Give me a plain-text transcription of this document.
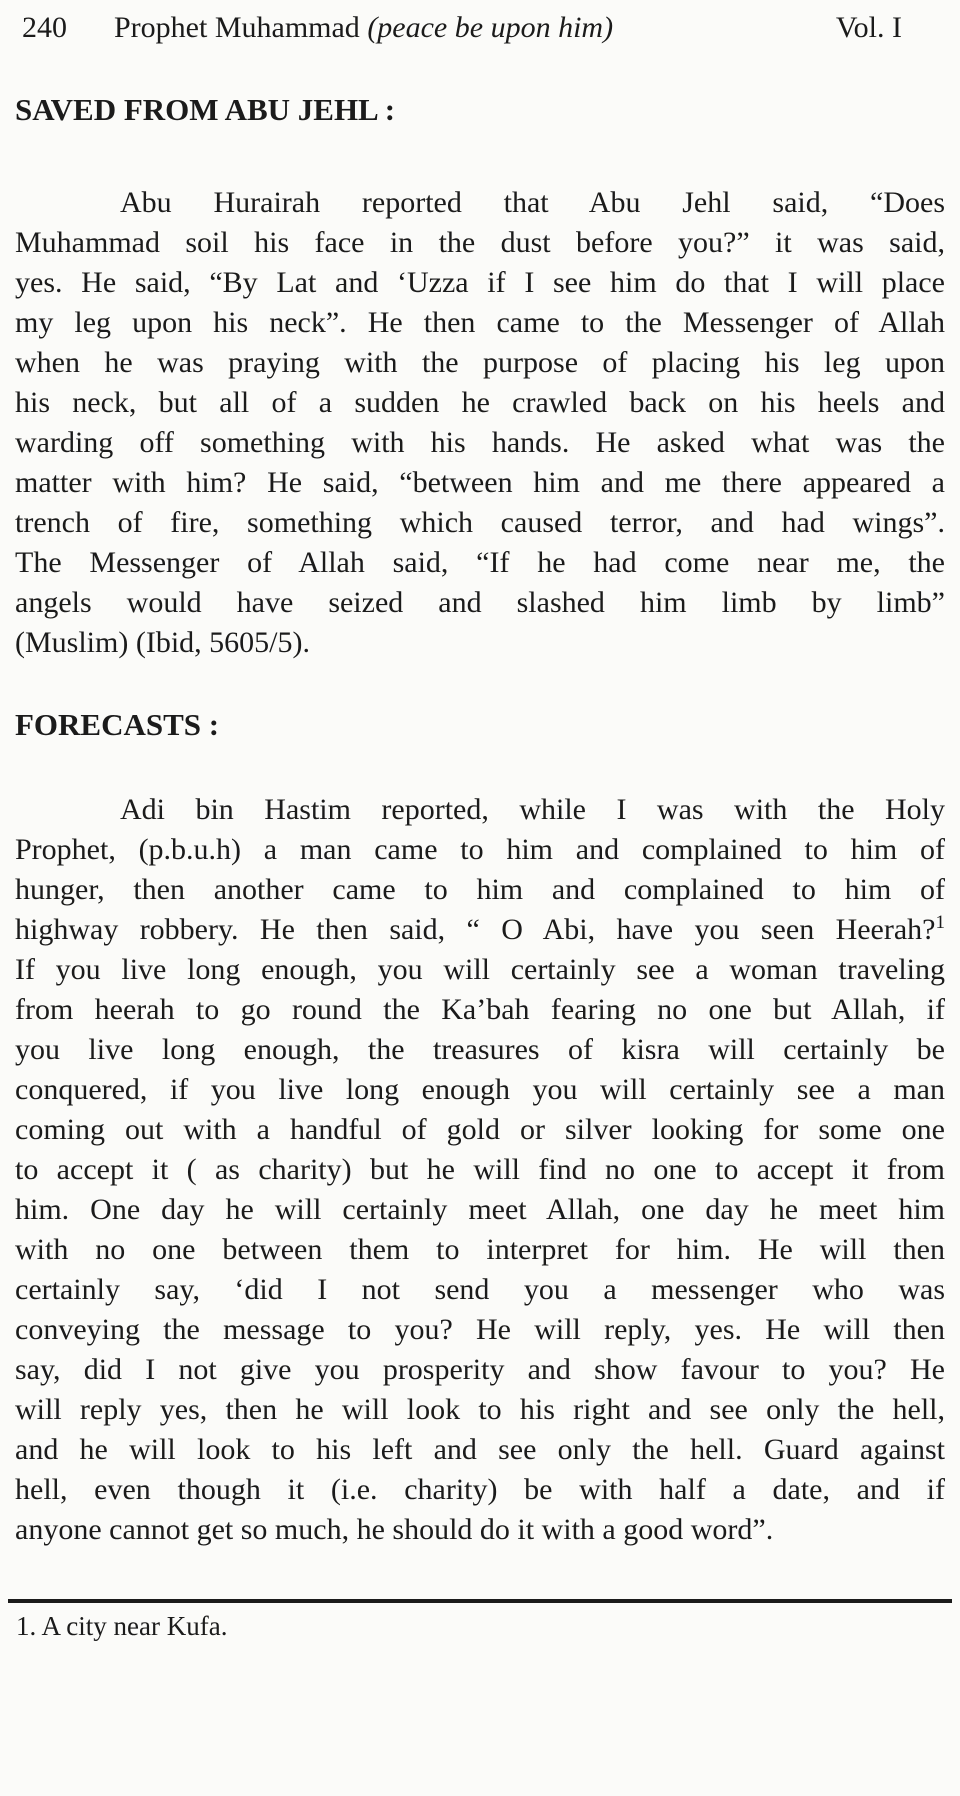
240	Prophet Muhammad (peace be upon him)	Vol. I
SAVED FROM ABU JEHL :
Abu Hurairah reported that Abu Jehl said, “Does
Muhammad soil his face in the dust before you?” it was said,
yes. He said, “By Lat and ‘Uzza if I see him do that I will place
my leg upon his neck”. He then came to the Messenger of Allah
when he was praying with the purpose of placing his leg upon
his neck, but all of a sudden he crawled back on his heels and
warding off something with his hands. He asked what was the
matter with him? He said, “between him and me there appeared a
trench of fire, something which caused terror, and had wings”.
The Messenger of Allah said, “If he had come near me, the
angels would have seized and slashed him limb by limb”
(Muslim) (Ibid, 5605/5).
FORECASTS :
Adi bin Hastim reported, while I was with the Holy
Prophet, (p.b.u.h) a man came to him and complained to him of
hunger, then another came to him and complained to him of
highway robbery. He then said, “ O Abi, have you seen Heerah?$^1$
If you live long enough, you will certainly see a woman traveling
from heerah to go round the Ka’bah fearing no one but Allah, if
you live long enough, the treasures of kisra will certainly be
conquered, if you live long enough you will certainly see a man
coming out with a handful of gold or silver looking for some one
to accept it ( as charity) but he will find no one to accept it from
him. One day he will certainly meet Allah, one day he meet him
with no one between them to interpret for him. He will then
certainly say, ‘did I not send you a messenger who was
conveying the message to you? He will reply, yes. He will then
say, did I not give you prosperity and show favour to you? He
will reply yes, then he will look to his right and see only the hell,
and he will look to his left and see only the hell. Guard against
hell, even though it (i.e. charity) be with half a date, and if
anyone cannot get so much, he should do it with a good word”.
1. A city near Kufa.
